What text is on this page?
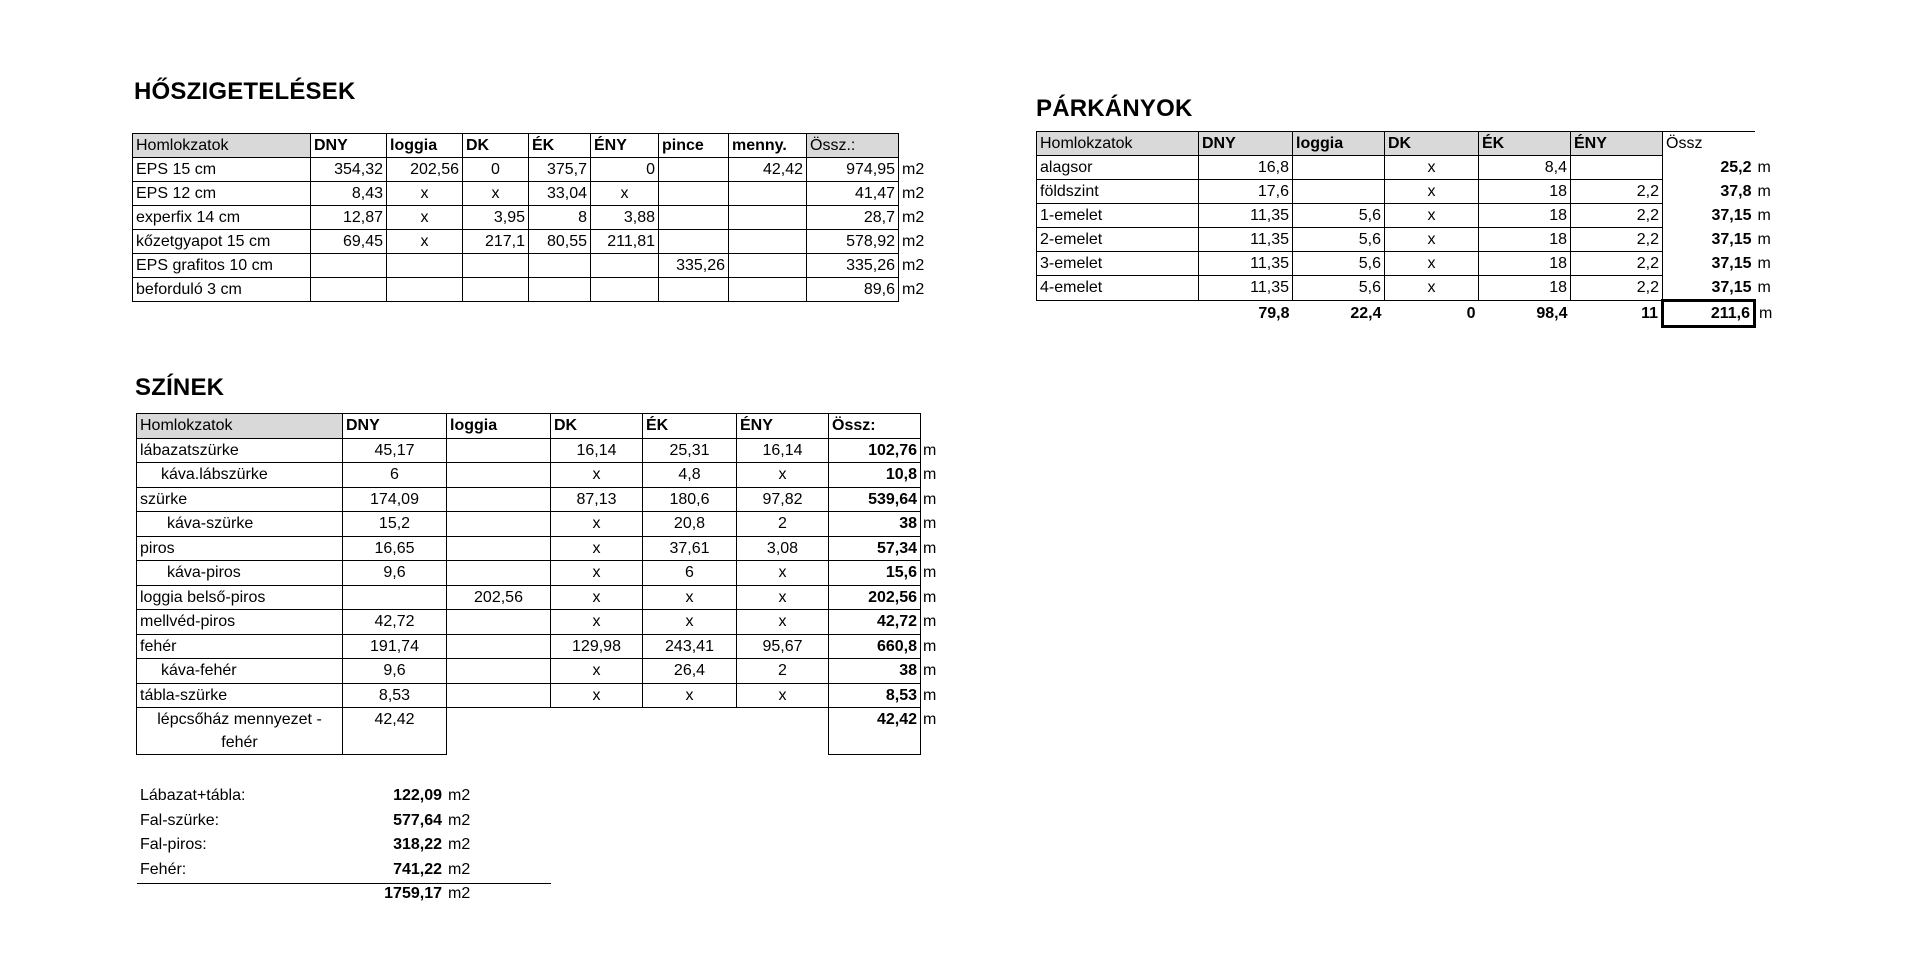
HŐSZIGETELÉSEK
Homlokzatok	DNY	loggia	DK	ÉK	ÉNY	pince	menny.	Össz.:	
EPS 15 cm	354,32	202,56	0	375,7	0		42,42	974,95	m2
EPS 12 cm	8,43	x	x	33,04	x			41,47	m2
experfix 14 cm	12,87	x	3,95	8	3,88			28,7	m2
kőzetgyapot 15 cm	69,45	x	217,1	80,55	211,81			578,92	m2
EPS grafitos 10 cm						335,26		335,26	m2
beforduló 3 cm								89,6	m2
PÁRKÁNYOK
Homlokzatok	DNY	loggia	DK	ÉK	ÉNY	Össz	
alagsor	16,8		x	8,4		25,2	m
földszint	17,6		x	18	2,2	37,8	m
1-emelet	11,35	5,6	x	18	2,2	37,15	m
2-emelet	11,35	5,6	x	18	2,2	37,15	m
3-emelet	11,35	5,6	x	18	2,2	37,15	m
4-emelet	11,35	5,6	x	18	2,2	37,15	m
	79,8	22,4	0	98,4	11	211,6	m
SZÍNEK
Homlokzatok	DNY	loggia	DK	ÉK	ÉNY	Össz:	
lábazatszürke	45,17		16,14	25,31	16,14	102,76	m
káva.lábszürke	6		x	4,8	x	10,8	m
szürke	174,09		87,13	180,6	97,82	539,64	m
káva-szürke	15,2		x	20,8	2	38	m
piros	16,65		x	37,61	3,08	57,34	m
káva-piros	9,6		x	6	x	15,6	m
loggia belső-piros		202,56	x	x	x	202,56	m
mellvéd-piros	42,72		x	x	x	42,72	m
fehér	191,74		129,98	243,41	95,67	660,8	m
káva-fehér	9,6		x	26,4	2	38	m
tábla-szürke	8,53		x	x	x	8,53	m
lépcsőház mennyezet - fehér	42,42					42,42	m
Lábazat+tábla:	122,09	m2
Fal-szürke:	577,64	m2
Fal-piros:	318,22	m2
Fehér:	741,22	m2
	1759,17	m2
